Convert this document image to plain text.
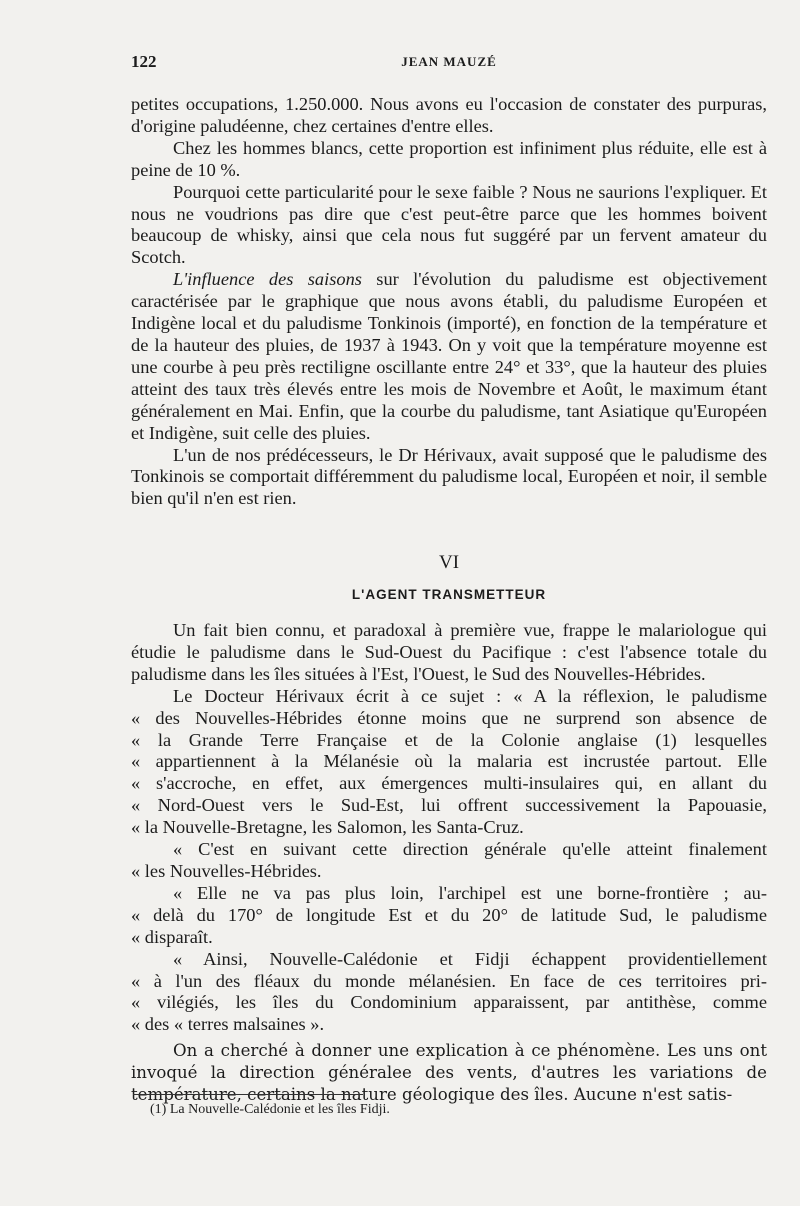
122	JEAN MAUZÉ

petites occupations, 1.250.000. Nous avons eu l'occasion de constater des purpuras, d'origine paludéenne, chez certaines d'entre elles.

Chez les hommes blancs, cette proportion est infiniment plus réduite, elle est à peine de 10 %.

Pourquoi cette particularité pour le sexe faible ? Nous ne saurions l'expliquer. Et nous ne voudrions pas dire que c'est peut-être parce que les hommes boivent beaucoup de whisky, ainsi que cela nous fut suggéré par un fervent amateur du Scotch.

L'influence des saisons sur l'évolution du paludisme est objectivement caractérisée par le graphique que nous avons établi, du paludisme Européen et Indigène local et du paludisme Tonkinois (importé), en fonction de la température et de la hauteur des pluies, de 1937 à 1943. On y voit que la température moyenne est une courbe à peu près rectiligne oscillante entre 24° et 33°, que la hauteur des pluies atteint des taux très élevés entre les mois de Novembre et Août, le maximum étant généralement en Mai. Enfin, que la courbe du paludisme, tant Asiatique qu'Européen et Indigène, suit celle des pluies.

L'un de nos prédécesseurs, le Dr Hérivaux, avait supposé que le paludisme des Tonkinois se comportait différemment du paludisme local, Européen et noir, il semble bien qu'il n'en est rien.

VI
L'AGENT TRANSMETTEUR

Un fait bien connu, et paradoxal à première vue, frappe le malariologue qui étudie le paludisme dans le Sud-Ouest du Pacifique : c'est l'absence totale du paludisme dans les îles situées à l'Est, l'Ouest, le Sud des Nouvelles-Hébrides.

Le Docteur Hérivaux écrit à ce sujet : « A la réflexion, le paludisme

« des Nouvelles-Hébrides étonne moins que ne surprend son absence de

« la Grande Terre Française et de la Colonie anglaise (1) lesquelles

« appartiennent à la Mélanésie où la malaria est incrustée partout. Elle

« s'accroche, en effet, aux émergences multi-insulaires qui, en allant du

« Nord-Ouest vers le Sud-Est, lui offrent successivement la Papouasie,

« la Nouvelle-Bretagne, les Salomon, les Santa-Cruz.

« C'est en suivant cette direction générale qu'elle atteint finalement

« les Nouvelles-Hébrides.

« Elle ne va pas plus loin, l'archipel est une borne-frontière ; au-

« delà du 170° de longitude Est et du 20° de latitude Sud, le paludisme

« disparaît.

« Ainsi, Nouvelle-Calédonie et Fidji échappent providentiellement

« à l'un des fléaux du monde mélanésien. En face de ces territoires pri-

« vilégiés, les îles du Condominium apparaissent, par antithèse, comme

« des « terres malsaines ».

On a cherché à donner une explication à ce phénomène. Les uns ont invoqué la direction généralee des vents, d'autres les variations de température, certains la nature géologique des îles. Aucune n'est satis-

(1) La Nouvelle-Calédonie et les îles Fidji.
